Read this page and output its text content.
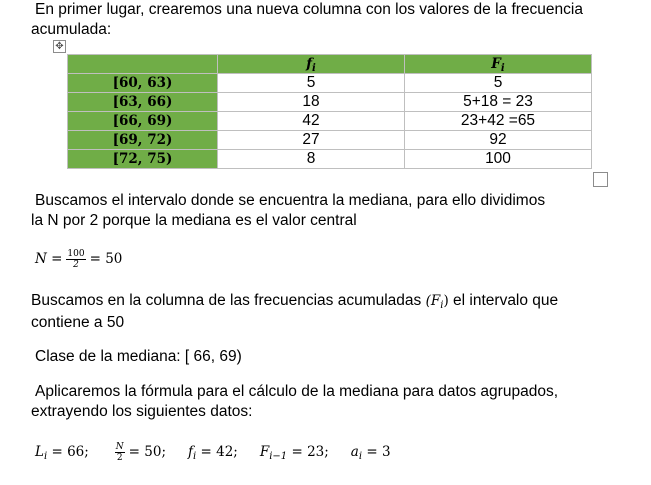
En primer lugar, crearemos una nueva columna con los valores de la frecuencia
acumulada:
✥
	$f_i$	$F_i$
[60, 63)	5	5
[63, 66)	18	5+18 = 23
[66, 69)	42	23+42 =65
[69, 72)	27	92
[72, 75)	8	100
Buscamos el intervalo donde se encuentra la mediana, para ello dividimos
la N por 2 porque la mediana es el valor central
$N = \frac{100}{2} = 50$
Buscamos en la columna de las frecuencias acumuladas $(F_i)$ el intervalo que
contiene a 50
Clase de la mediana: [ 66, 69)
Aplicaremos la fórmula para el cálculo de la mediana para datos agrupados,
extrayendo los siguientes datos:
$L_i = 66$;	$\frac{N}{2} = 50$; $f_i = 42$; $F_{i-1} = 23$; $a_i = 3$
